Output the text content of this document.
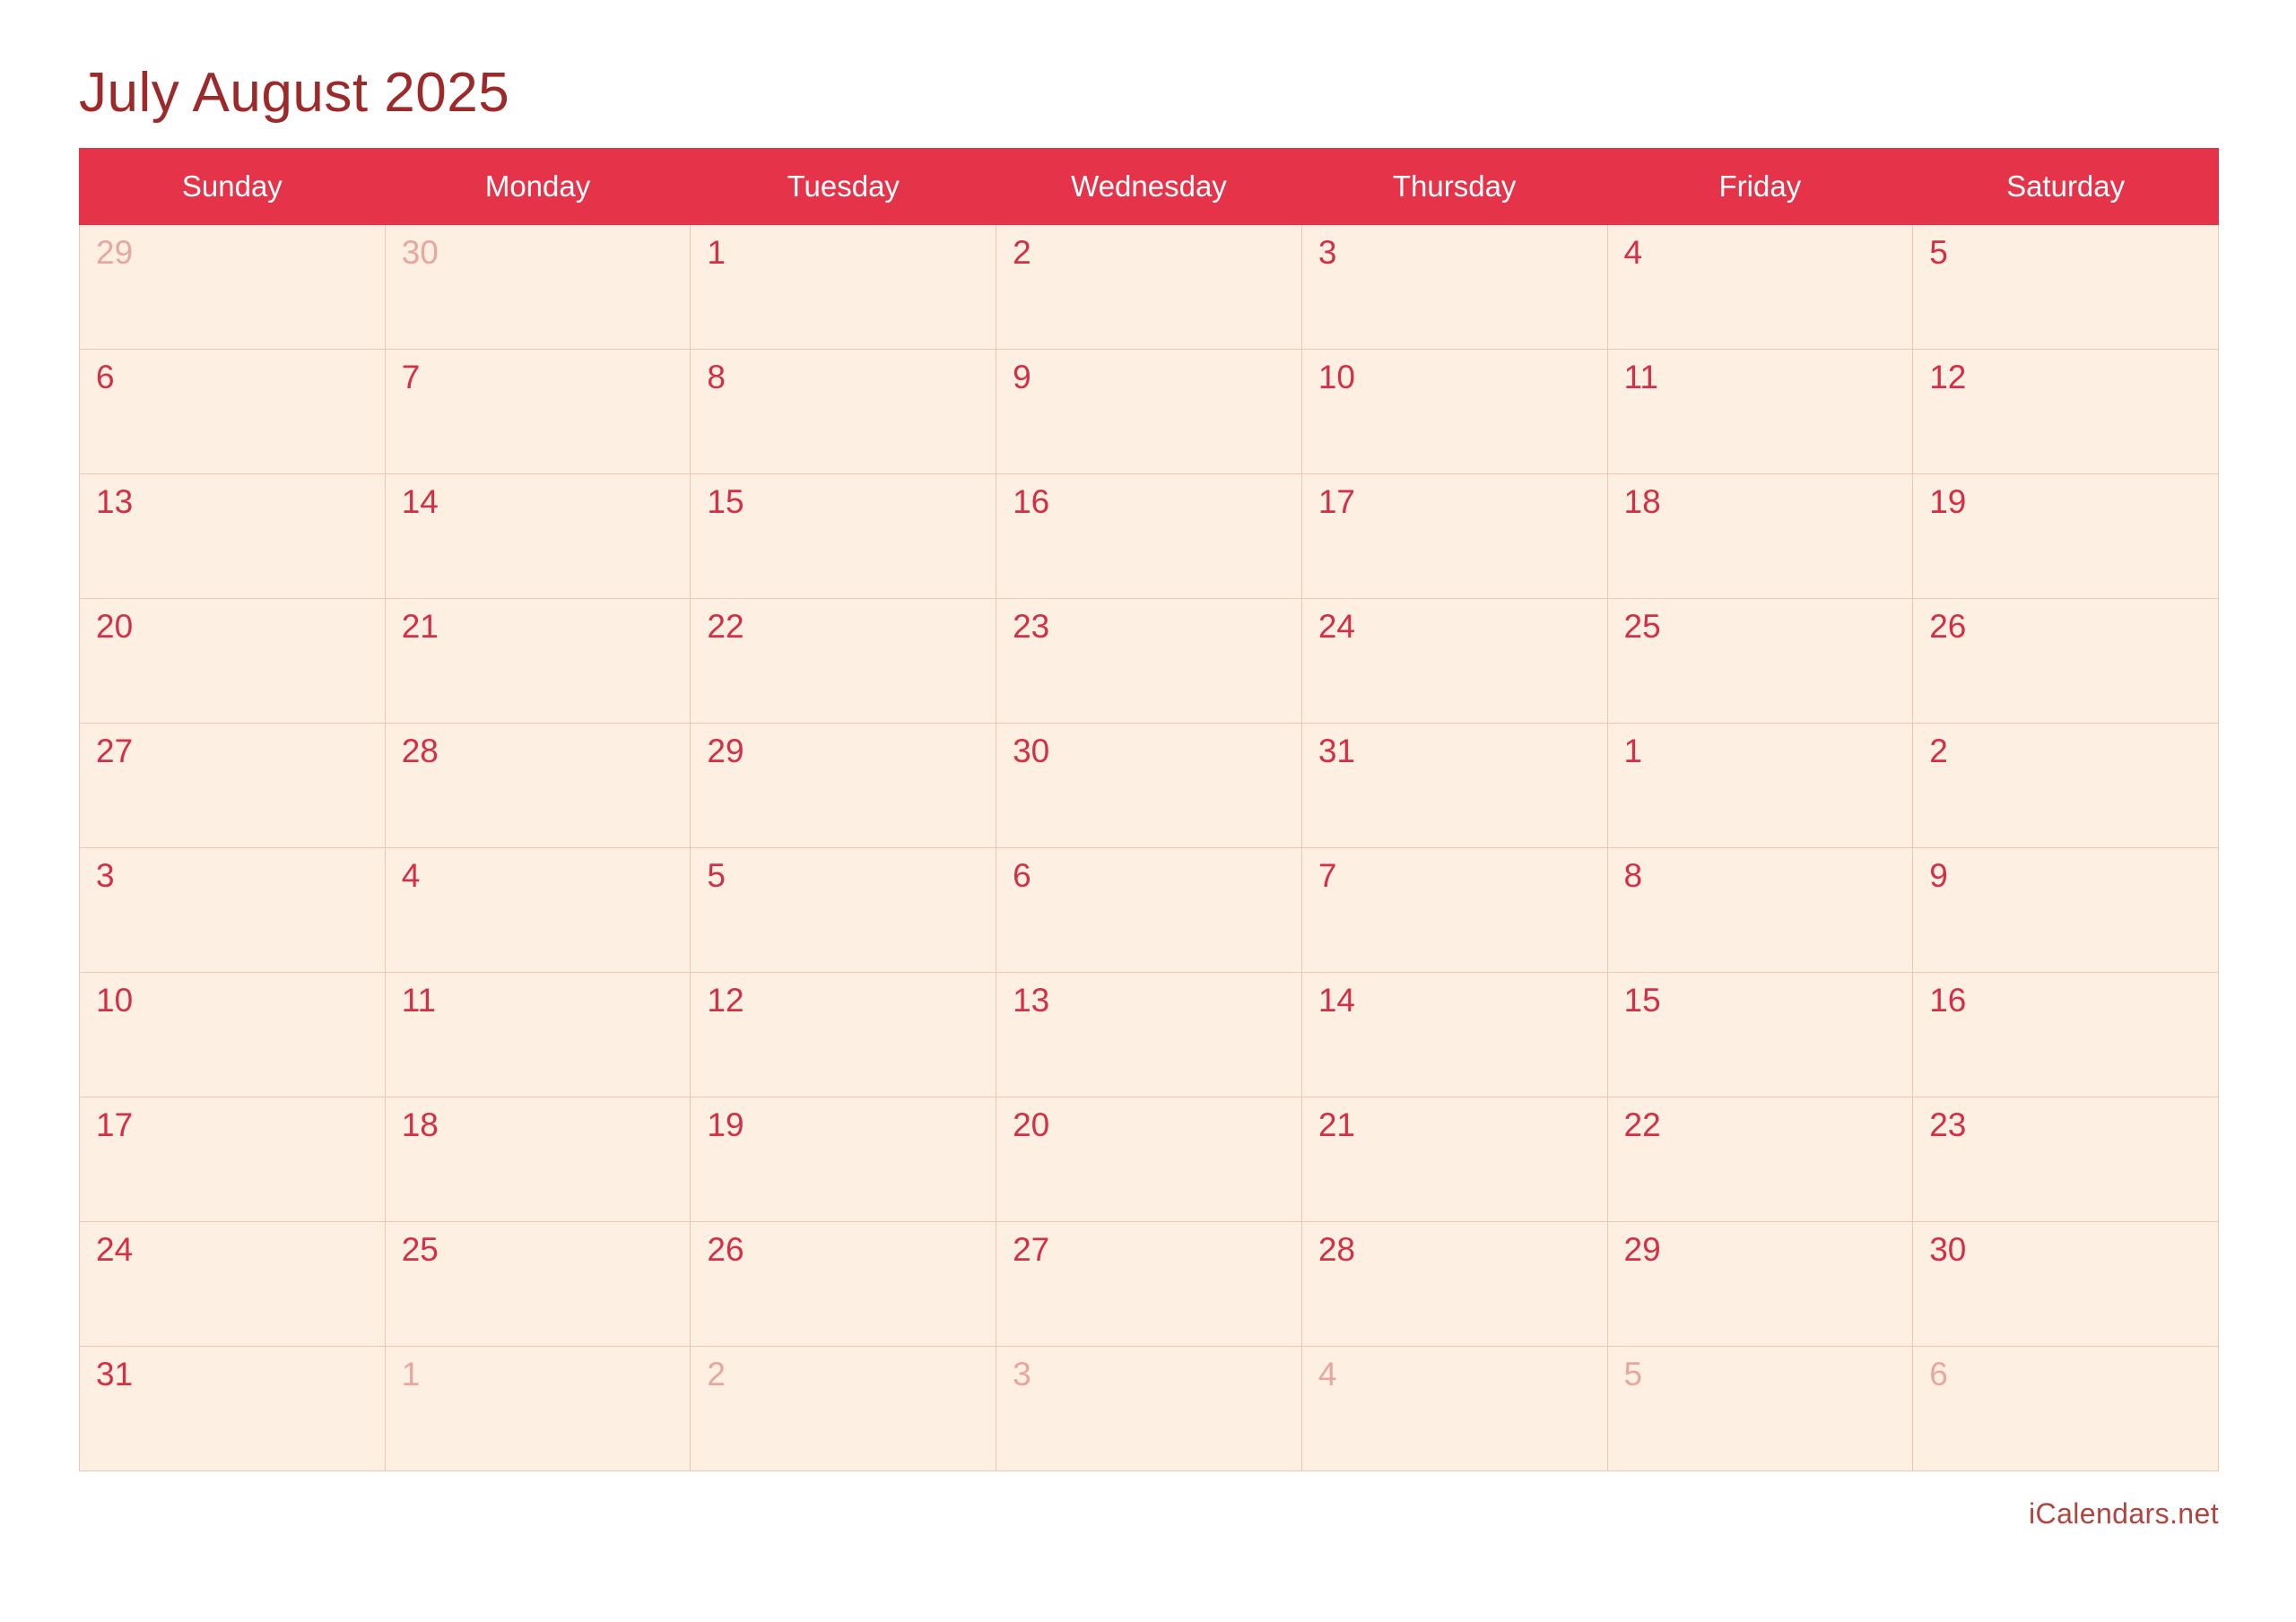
July August 2025
Sunday	Monday	Tuesday	Wednesday	Thursday	Friday	Saturday

29	30	1	2	3	4	5

6	7	8	9	10	11	12

13	14	15	16	17	18	19

20	21	22	23	24	25	26

27	28	29	30	31	1	2

3	4	5	6	7	8	9

10	11	12	13	14	15	16

17	18	19	20	21	22	23

24	25	26	27	28	29	30

31	1	2	3	4	5	6
iCalendars.net
